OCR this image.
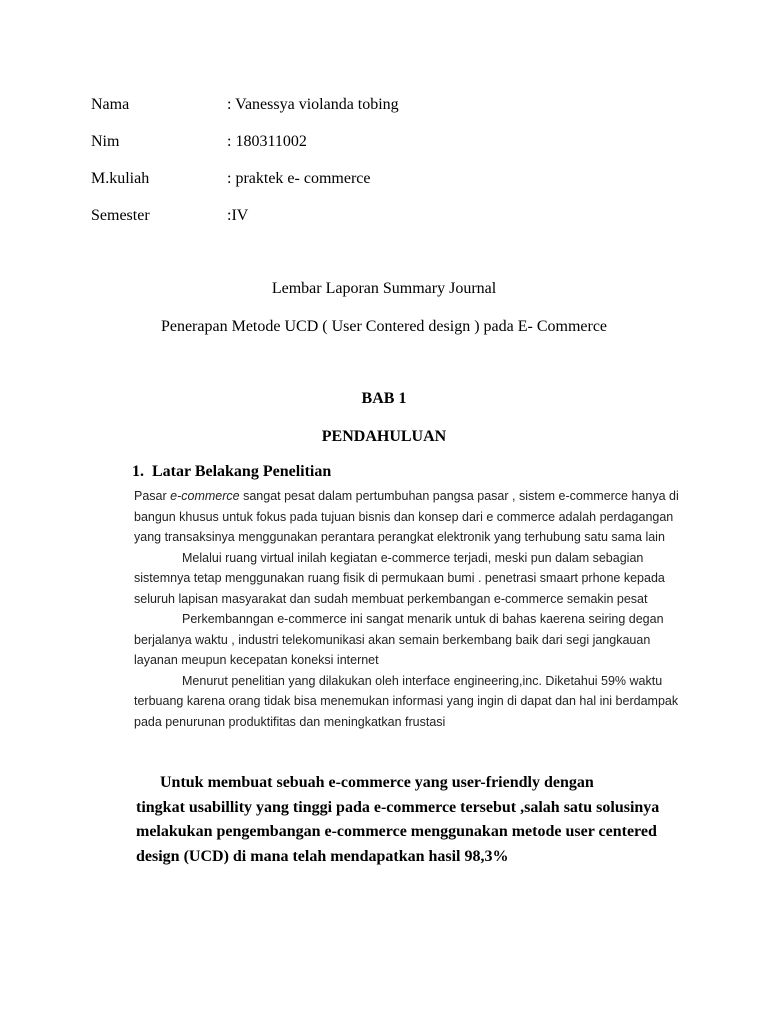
Nama	: Vanessya violanda tobing
Nim	: 180311002
M.kuliah	: praktek e- commerce
Semester	:IV
Lembar Laporan Summary Journal
Penerapan Metode UCD ( User Contered design ) pada E- Commerce
BAB 1
PENDAHULUAN
1. Latar Belakang Penelitian

Pasar e-commerce sangat pesat dalam pertumbuhan pangsa pasar , sistem e-commerce hanya di bangun khusus untuk fokus pada tujuan bisnis dan konsep dari e commerce adalah perdagangan yang transaksinya menggunakan perantara perangkat elektronik yang terhubung satu sama lain

Melalui ruang virtual inilah kegiatan e-commerce terjadi, meski pun dalam sebagian sistemnya tetap menggunakan ruang fisik di permukaan bumi . penetrasi smaart prhone kepada seluruh lapisan masyarakat dan sudah membuat perkembangan e-commerce semakin pesat

Perkembanngan e-commerce ini sangat menarik untuk di bahas kaerena seiring degan berjalanya waktu , industri telekomunikasi akan semain berkembang baik dari segi jangkauan layanan meupun kecepatan koneksi internet

Menurut penelitian yang dilakukan oleh interface engineering,inc. Diketahui 59% waktu terbuang karena orang tidak bisa menemukan informasi yang ingin di dapat dan hal ini berdampak pada penurunan produktifitas dan meningkatkan frustasi

Untuk membuat sebuah e-commerce yang user-friendly dengan
tingkat usabillity yang tinggi pada e-commerce tersebut ,salah satu solusinya melakukan pengembangan e-commerce menggunakan metode user centered design (UCD) di mana telah mendapatkan hasil 98,3%
